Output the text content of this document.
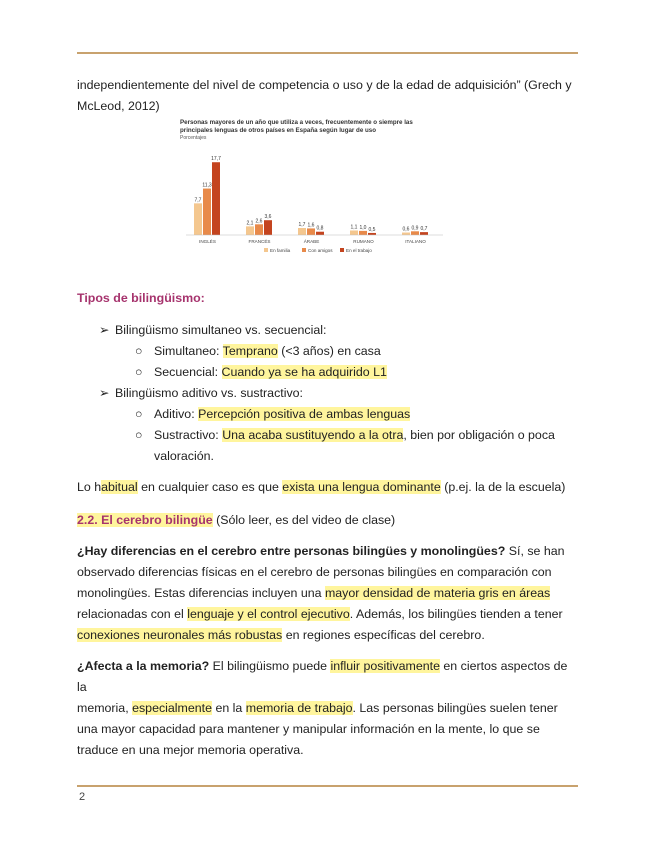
independientemente del nivel de competencia o uso y de la edad de adquisición” (Grech y
McLeod, 2012)
Personas mayores de un año que utiliza a veces, frecuentemente o siempre las
principales lenguas de otros países en España según lugar de uso
Porcentajes
7,7
11,3
17,7
INGLÉS
2,1 2,6
3,6
FRANCÉS
1,7 1,6
0,8
ÁRABE
1,1 1,0 0,5
RUMANO
0,6 0,9 0,7
ITALIANO
En familia	Con amigos	En el trabajo
Tipos de bilingüismo:
➢ Bilingüismo simultaneo vs. secuencial:
○ Simultaneo: Temprano (<3 años) en casa
○ Secuencial: Cuando ya se ha adquirido L1
➢ Bilingüismo aditivo vs. sustractivo:
○ Aditivo: Percepción positiva de ambas lenguas
○ Sustractivo: Una acaba sustituyendo a la otra, bien por obligación o poca
valoración.
Lo habitual en cualquier caso es que exista una lengua dominante (p.ej. la de la escuela)
2.2. El cerebro bilingüe (Sólo leer, es del video de clase)
¿Hay diferencias en el cerebro entre personas bilingües y monolingües? Sí, se han
observado diferencias físicas en el cerebro de personas bilingües en comparación con
monolingües. Estas diferencias incluyen una mayor densidad de materia gris en áreas
relacionadas con el lenguaje y el control ejecutivo. Además, los bilingües tienden a tener
conexiones neuronales más robustas en regiones específicas del cerebro.
¿Afecta a la memoria? El bilingüismo puede influir positivamente en ciertos aspectos de la
memoria, especialmente en la memoria de trabajo. Las personas bilingües suelen tener
una mayor capacidad para mantener y manipular información en la mente, lo que se
traduce en una mejor memoria operativa.
2
